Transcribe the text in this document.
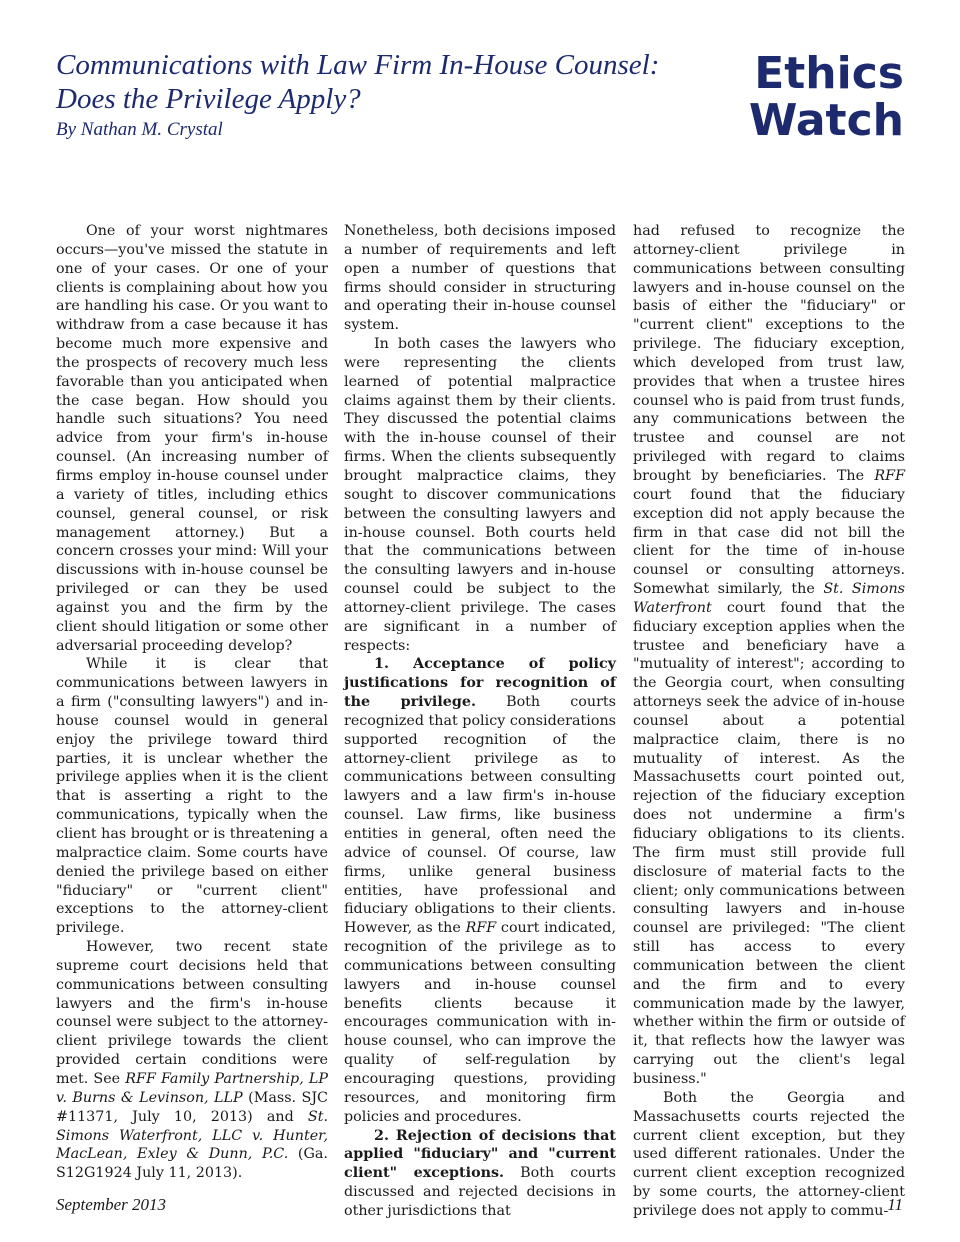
Communications with Law Firm In-House Counsel: Does the Privilege Apply?
By Nathan M. Crystal
Ethics
Watch

One of your worst nightmares occurs—you've missed the statute in one of your cases. Or one of your clients is complaining about how you are handling his case. Or you want to withdraw from a case because it has become much more expensive and the prospects of recovery much less favorable than you anticipated when the case began. How should you handle such situations? You need advice from your firm's in-house counsel. (An increasing number of firms employ in-house counsel under a variety of titles, including ethics counsel, general counsel, or risk management attorney.) But a concern crosses your mind: Will your discussions with in-house counsel be privileged or can they be used against you and the firm by the client should litigation or some other adversarial proceeding develop?

While it is clear that communications between lawyers in a firm ("consulting lawyers") and in-house counsel would in general enjoy the privilege toward third parties, it is unclear whether the privilege applies when it is the client that is asserting a right to the communications, typically when the client has brought or is threatening a malpractice claim. Some courts have denied the privilege based on either "fiduciary" or "current client" exceptions to the attorney-client privilege.

However, two recent state supreme court decisions held that communications between consulting lawyers and the firm's in-house counsel were subject to the attorney-client privilege towards the client provided certain conditions were met. See RFF Family Partnership, LP v. Burns & Levinson, LLP (Mass. SJC #11371, July 10, 2013) and St. Simons Waterfront, LLC v. Hunter, MacLean, Exley & Dunn, P.C. (Ga. S12G1924 July 11, 2013).

Nonetheless, both decisions imposed a number of requirements and left open a number of questions that firms should consider in structuring and operating their in-house counsel system.

In both cases the lawyers who were representing the clients learned of potential malpractice claims against them by their clients. They discussed the potential claims with the in-house counsel of their firms. When the clients subsequently brought malpractice claims, they sought to discover communications between the consulting lawyers and in-house counsel. Both courts held that the communications between the consulting lawyers and in-house counsel could be subject to the attorney-client privilege. The cases are significant in a number of respects:

1. Acceptance of policy justifications for recognition of the privilege. Both courts recognized that policy considerations supported recognition of the attorney-client privilege as to communications between consulting lawyers and a law firm's in-house counsel. Law firms, like business entities in general, often need the advice of counsel. Of course, law firms, unlike general business entities, have professional and fiduciary obligations to their clients. However, as the RFF court indicated, recognition of the privilege as to communications between consulting lawyers and in-house counsel benefits clients because it encourages communication with in-house counsel, who can improve the quality of self-regulation by encouraging questions, providing resources, and monitoring firm policies and procedures.

2. Rejection of decisions that applied "fiduciary" and "current client" exceptions. Both courts discussed and rejected decisions in other jurisdictions that

had refused to recognize the attorney-client privilege in communications between consulting lawyers and in-house counsel on the basis of either the "fiduciary" or "current client" exceptions to the privilege. The fiduciary exception, which developed from trust law, provides that when a trustee hires counsel who is paid from trust funds, any communications between the trustee and counsel are not privileged with regard to claims brought by beneficiaries. The RFF court found that the fiduciary exception did not apply because the firm in that case did not bill the client for the time of in-house counsel or consulting attorneys. Somewhat similarly, the St. Simons Waterfront court found that the fiduciary exception applies when the trustee and beneficiary have a "mutuality of interest"; according to the Georgia court, when consulting attorneys seek the advice of in-house counsel about a potential malpractice claim, there is no mutuality of interest. As the Massachusetts court pointed out, rejection of the fiduciary exception does not undermine a firm's fiduciary obligations to its clients. The firm must still provide full disclosure of material facts to the client; only communications between consulting lawyers and in-house counsel are privileged: "The client still has access to every communication between the client and the firm and to every communication made by the lawyer, whether within the firm or outside of it, that reflects how the lawyer was carrying out the client's legal business."

Both the Georgia and Massachusetts courts rejected the current client exception, but they used different rationales. Under the current client exception recognized by some courts, the attorney-client privilege does not apply to commu-

September 2013	11
